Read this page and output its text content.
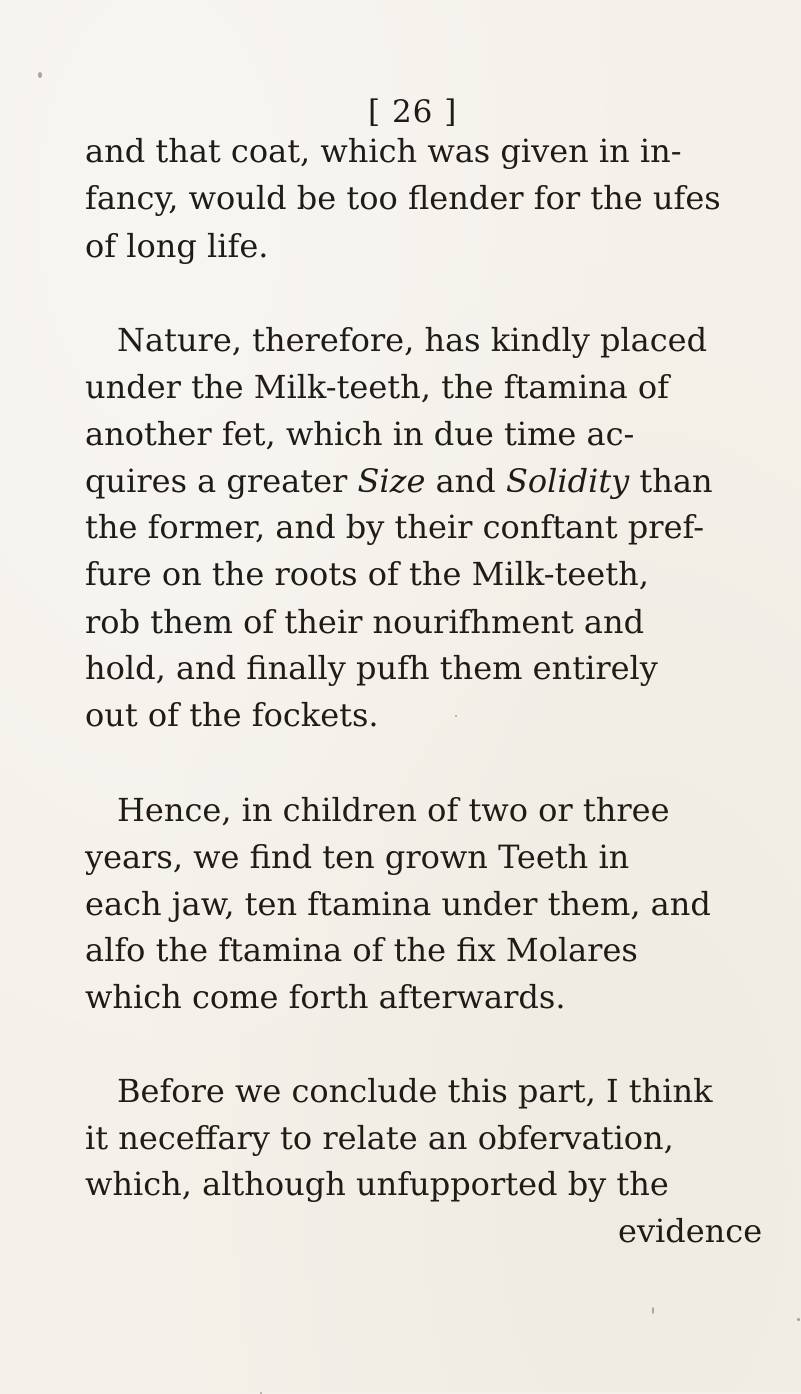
[ 26 ]
and that coat, which was given in in-
fancy, would be too flender for the ufes
of long life.
Nature, therefore, has kindly placed
under the Milk-teeth, the ftamina of
another fet, which in due time ac-
quires a greater Size and Solidity than
the former, and by their conftant pref-
fure on the roots of the Milk-teeth,
rob them of their nourifhment and
hold, and finally pufh them entirely
out of the fockets.
Hence, in children of two or three
years, we find ten grown Teeth in
each jaw, ten ftamina under them, and
alfo the ftamina of the fix Molares
which come forth afterwards.
Before we conclude this part, I think
it neceffary to relate an obfervation,
which, although unfupported by the
evidence
